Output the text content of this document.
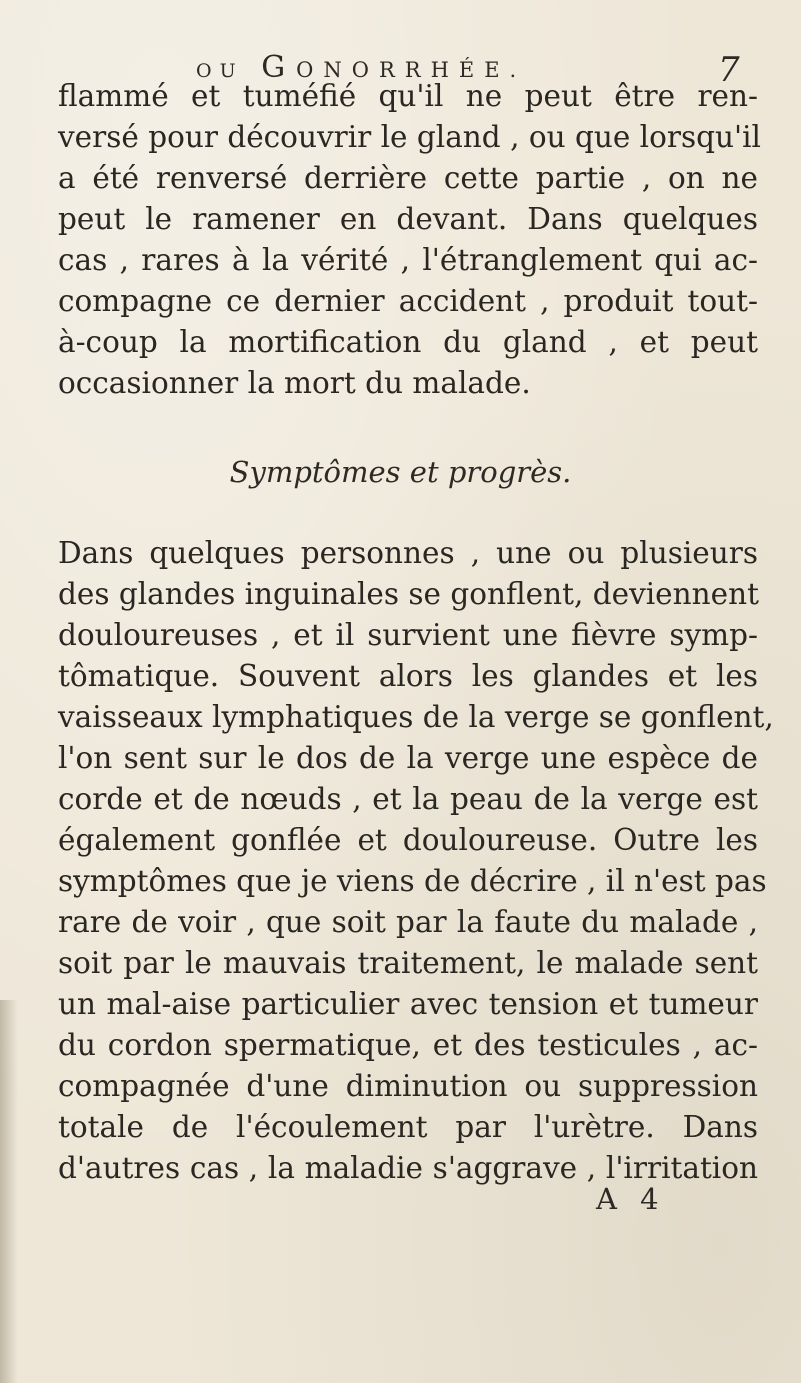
OU GONORRHÉE.	7
flammé et tuméfié qu'il ne peut être ren-
versé pour découvrir le gland , ou que lorsqu'il
a été renversé derrière cette partie , on ne
peut le ramener en devant. Dans quelques
cas , rares à la vérité , l'étranglement qui ac-
compagne ce dernier accident , produit tout-
à-coup la mortification du gland , et peut
occasionner la mort du malade.
Symptômes et progrès.
Dans quelques personnes , une ou plusieurs
des glandes inguinales se gonflent, deviennent
douloureuses , et il survient une fièvre symp-
tômatique. Souvent alors les glandes et les
vaisseaux lymphatiques de la verge se gonflent,
l'on sent sur le dos de la verge une espèce de
corde et de nœuds , et la peau de la verge est
également gonflée et douloureuse. Outre les
symptômes que je viens de décrire , il n'est pas
rare de voir , que soit par la faute du malade ,
soit par le mauvais traitement, le malade sent
un mal-aise particulier avec tension et tumeur
du cordon spermatique, et des testicules , ac-
compagnée d'une diminution ou suppression
totale de l'écoulement par l'urètre. Dans
d'autres cas , la maladie s'aggrave , l'irritation
A 4
